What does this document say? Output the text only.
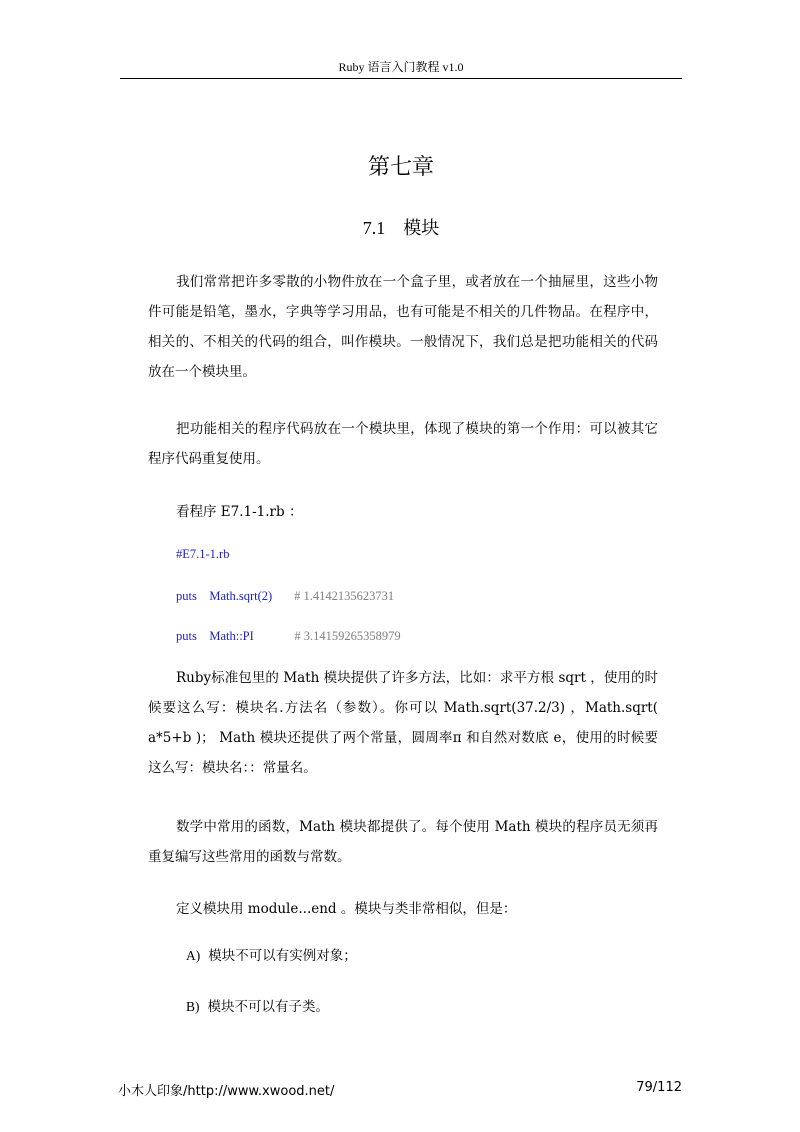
Ruby 语言入门教程 v1.0
第七章
7.1 模块

我们常常把许多零散的小物件放在一个盒子里，或者放在一个抽屉里，这些小物件可能是铅笔，墨水，字典等学习用品，也有可能是不相关的几件物品。在程序中，相关的、不相关的代码的组合，叫作模块。一般情况下，我们总是把功能相关的代码放在一个模块里。

把功能相关的程序代码放在一个模块里，体现了模块的第一个作用：可以被其它程序代码重复使用。

看程序 E7.1-1.rb ：

#E7.1-1.rb
puts    Math.sqrt(2) # 1.4142135623731
puts    Math::PI	# 3.14159265358979

Ruby标准包里的 Math 模块提供了许多方法，比如：求平方根 sqrt ，使用的时候要这么写：模块名.方法名（参数）。你可以 Math.sqrt(37.2/3) ，Math.sqrt( a*5+b )； Math 模块还提供了两个常量，圆周率π 和自然对数底 e，使用的时候要这么写：模块名：：常量名。

数学中常用的函数，Math 模块都提供了。每个使用 Math 模块的程序员无须再重复编写这些常用的函数与常数。

定义模块用 module...end 。模块与类非常相似，但是：

A) 模块不可以有实例对象；
B) 模块不可以有子类。
小木人印象/http://www.xwood.net/	79/112
